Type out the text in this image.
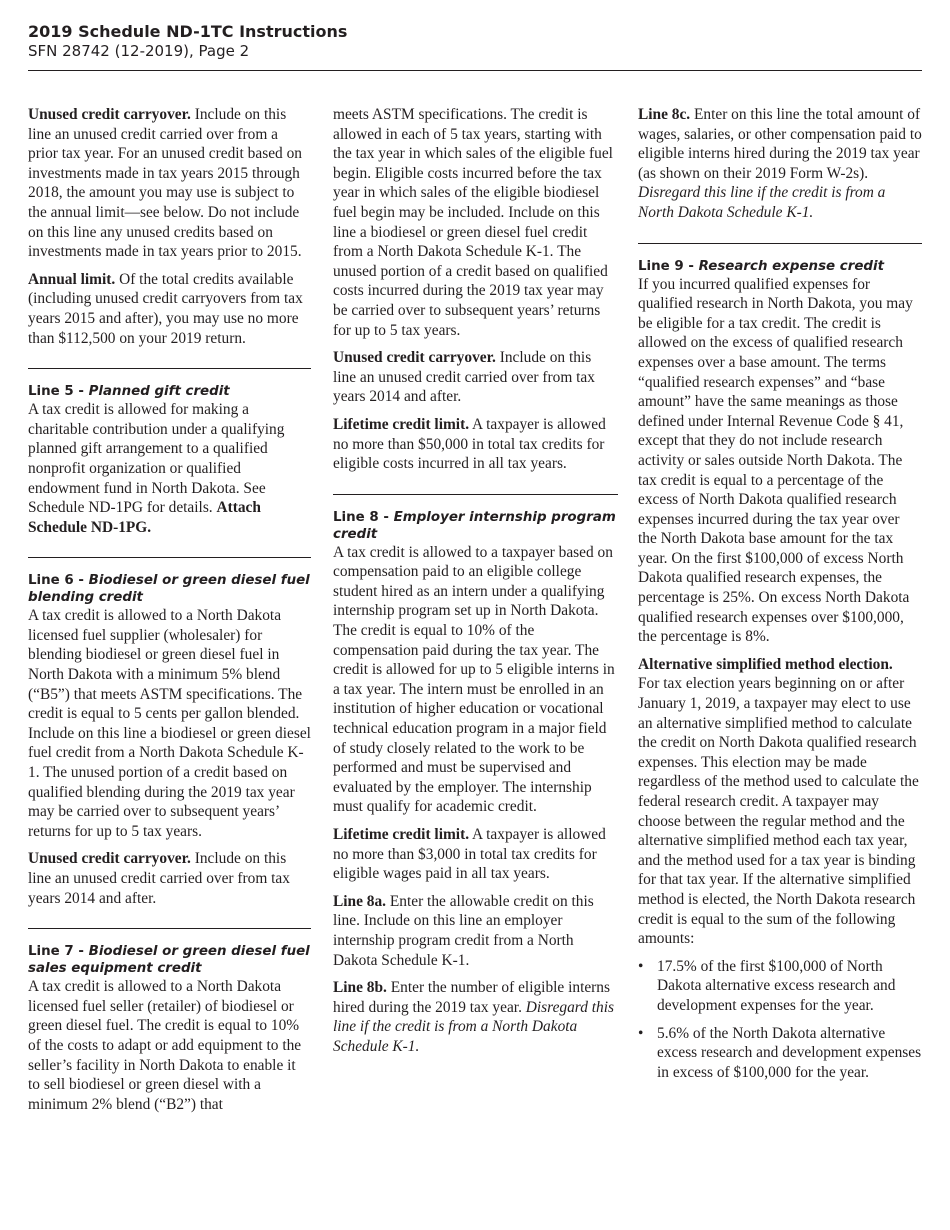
2019 Schedule ND-1TC Instructions
SFN 28742 (12-2019), Page 2

Unused credit carryover. Include on this line an unused credit carried over from a prior tax year. For an unused credit based on investments made in tax years 2015 through 2018, the amount you may use is subject to the annual limit—see below. Do not include on this line any unused credits based on investments made in tax years prior to 2015.

Annual limit. Of the total credits available (including unused credit carryovers from tax years 2015 and after), you may use no more than $112,500 on your 2019 return.

Line 5 - Planned gift credit

A tax credit is allowed for making a charitable contribution under a qualifying planned gift arrangement to a qualified nonprofit organization or qualified endowment fund in North Dakota. See Schedule ND-1PG for details. Attach Schedule ND-1PG.

Line 6 - Biodiesel or green diesel fuel blending credit

A tax credit is allowed to a North Dakota licensed fuel supplier (wholesaler) for blending biodiesel or green diesel fuel in North Dakota with a minimum 5% blend (“B5”) that meets ASTM specifications. The credit is equal to 5 cents per gallon blended. Include on this line a biodiesel or green diesel fuel credit from a North Dakota Schedule K-1. The unused portion of a credit based on qualified blending during the 2019 tax year may be carried over to subsequent years’ returns for up to 5 tax years.

Unused credit carryover. Include on this line an unused credit carried over from tax years 2014 and after.

Line 7 - Biodiesel or green diesel fuel sales equipment credit

A tax credit is allowed to a North Dakota licensed fuel seller (retailer) of biodiesel or green diesel fuel. The credit is equal to 10% of the costs to adapt or add equipment to the seller’s facility in North Dakota to enable it to sell biodiesel or green diesel with a minimum 2% blend (“B2”) that

meets ASTM specifications. The credit is allowed in each of 5 tax years, starting with the tax year in which sales of the eligible fuel begin. Eligible costs incurred before the tax year in which sales of the eligible biodiesel fuel begin may be included. Include on this line a biodiesel or green diesel fuel credit from a North Dakota Schedule K-1. The unused portion of a credit based on qualified costs incurred during the 2019 tax year may be carried over to subsequent years’ returns for up to 5 tax years.

Unused credit carryover. Include on this line an unused credit carried over from tax years 2014 and after.

Lifetime credit limit. A taxpayer is allowed no more than $50,000 in total tax credits for eligible costs incurred in all tax years.

Line 8 - Employer internship program credit

A tax credit is allowed to a taxpayer based on compensation paid to an eligible college student hired as an intern under a qualifying internship program set up in North Dakota. The credit is equal to 10% of the compensation paid during the tax year. The credit is allowed for up to 5 eligible interns in a tax year. The intern must be enrolled in an institution of higher education or vocational technical education program in a major field of study closely related to the work to be performed and must be supervised and evaluated by the employer. The internship must qualify for academic credit.

Lifetime credit limit. A taxpayer is allowed no more than $3,000 in total tax credits for eligible wages paid in all tax years.

Line 8a. Enter the allowable credit on this line. Include on this line an employer internship program credit from a North Dakota Schedule K-1.

Line 8b. Enter the number of eligible interns hired during the 2019 tax year. Disregard this line if the credit is from a North Dakota Schedule K-1.

Line 8c. Enter on this line the total amount of wages, salaries, or other compensation paid to eligible interns hired during the 2019 tax year (as shown on their 2019 Form W-2s). Disregard this line if the credit is from a North Dakota Schedule K-1.

Line 9 - Research expense credit

If you incurred qualified expenses for qualified research in North Dakota, you may be eligible for a tax credit. The credit is allowed on the excess of qualified research expenses over a base amount. The terms “qualified research expenses” and “base amount” have the same meanings as those defined under Internal Revenue Code § 41, except that they do not include research activity or sales outside North Dakota. The tax credit is equal to a percentage of the excess of North Dakota qualified research expenses incurred during the tax year over the North Dakota base amount for the tax year. On the first $100,000 of excess North Dakota qualified research expenses, the percentage is 25%. On excess North Dakota qualified research expenses over $100,000, the percentage is 8%.

Alternative simplified method election.
For tax election years beginning on or after January 1, 2019, a taxpayer may elect to use an alternative simplified method to calculate the credit on North Dakota qualified research expenses. This election may be made regardless of the method used to calculate the federal research credit. A taxpayer may choose between the regular method and the alternative simplified method each tax year, and the method used for a tax year is binding for that tax year. If the alternative simplified method is elected, the North Dakota research credit is equal to the sum of the following amounts:

• 17.5% of the first $100,000 of North Dakota alternative excess research and development expenses for the year.
• 5.6% of the North Dakota alternative excess research and development expenses in excess of $100,000 for the year.
